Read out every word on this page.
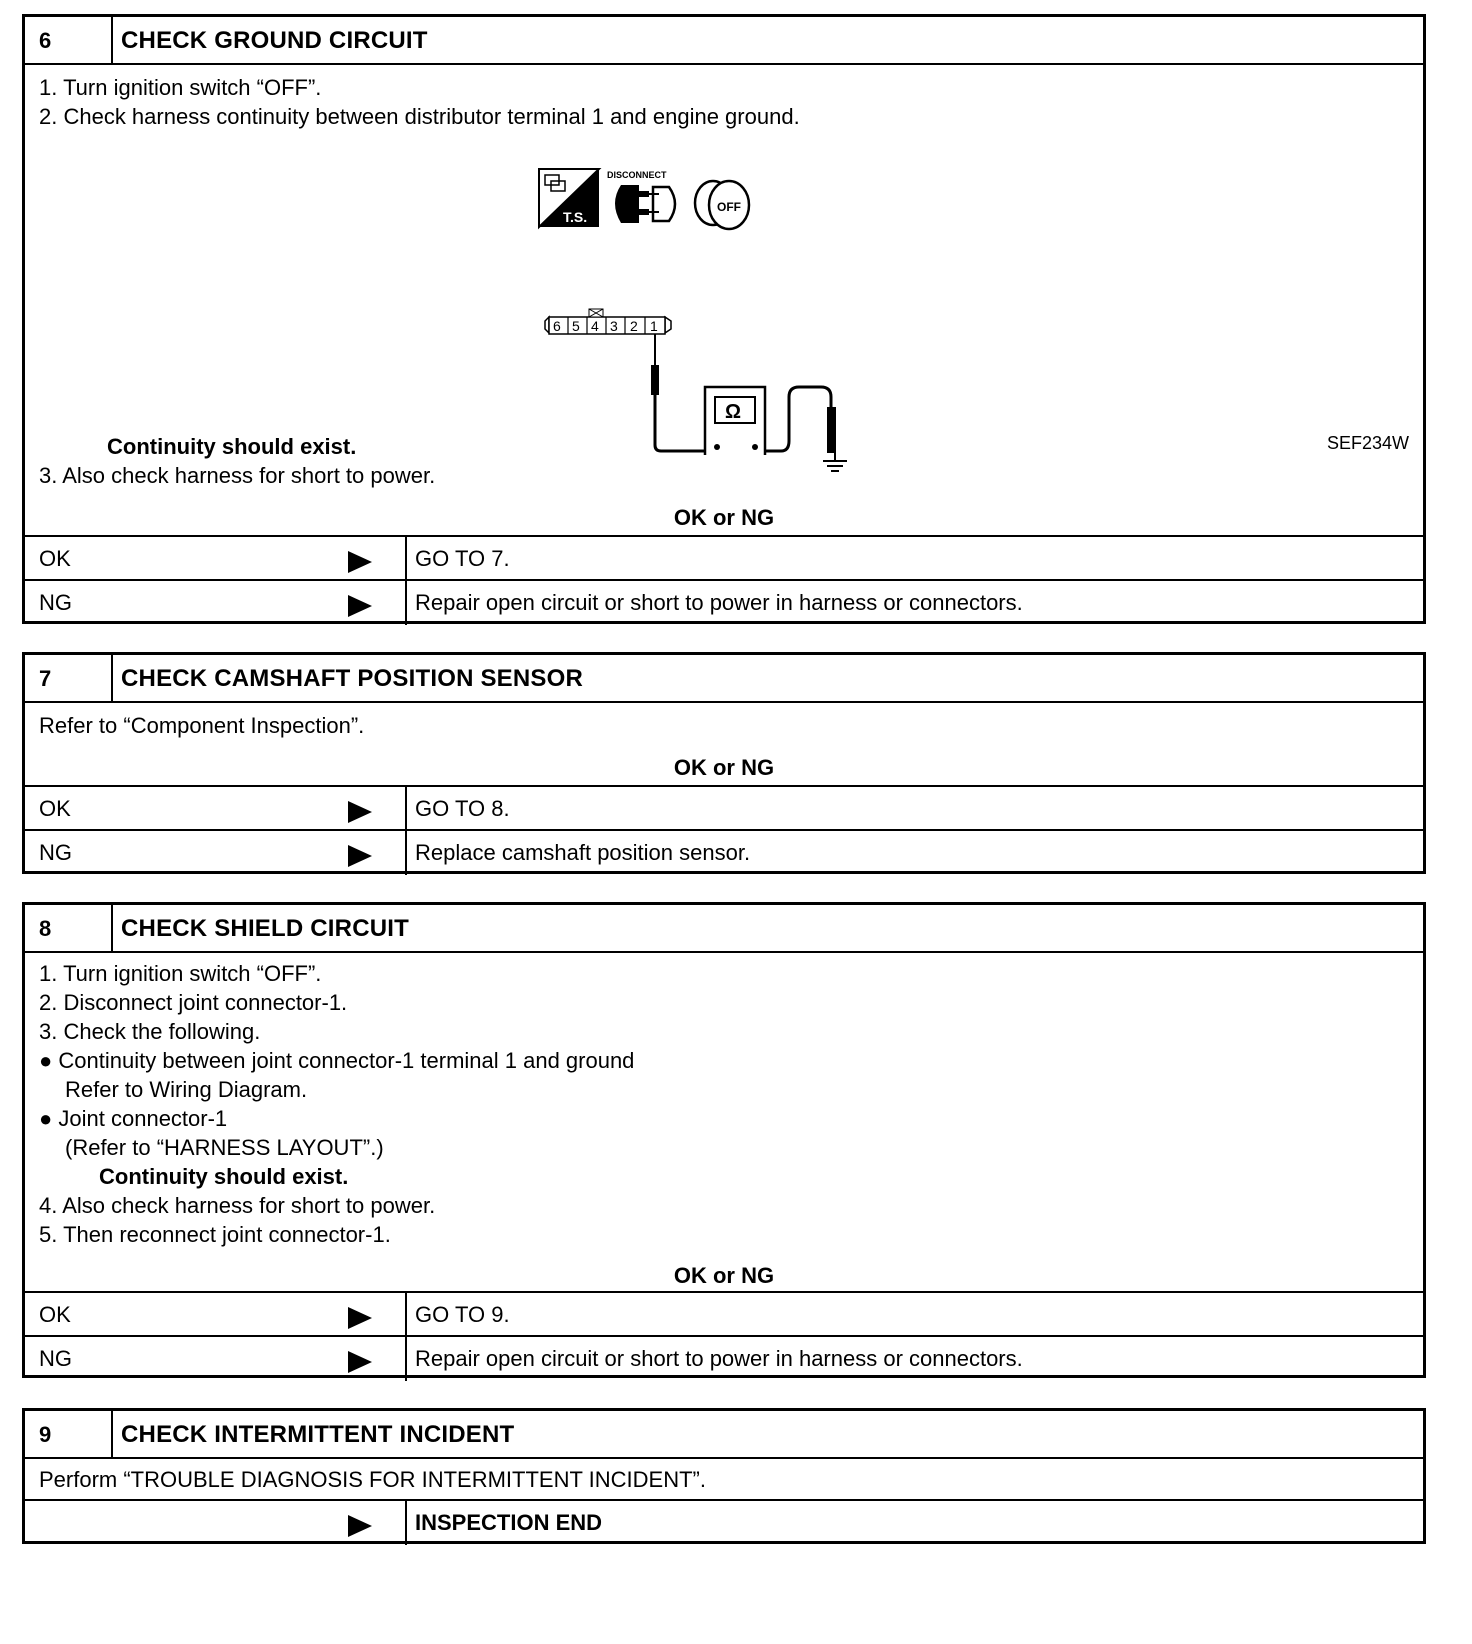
6	CHECK GROUND CIRCUIT
1. Turn ignition switch “OFF”.
2. Check harness continuity between distributor terminal 1 and engine ground.
T.S.
DISCONNECT
OFF
6 5 4 3 2 1
Ω
SEF234W
Continuity should exist.
3. Also check harness for short to power.
OK or NG
OK	GO TO 7.
NG	Repair open circuit or short to power in harness or connectors.
7	CHECK CAMSHAFT POSITION SENSOR
Refer to “Component Inspection”.
OK or NG
OK	GO TO 8.
NG	Replace camshaft position sensor.
8	CHECK SHIELD CIRCUIT
1. Turn ignition switch “OFF”.
2. Disconnect joint connector-1.
3. Check the following.
● Continuity between joint connector-1 terminal 1 and ground
Refer to Wiring Diagram.
● Joint connector-1
(Refer to “HARNESS LAYOUT”.)
Continuity should exist.
4. Also check harness for short to power.
5. Then reconnect joint connector-1.
OK or NG
OK	GO TO 9.
NG	Repair open circuit or short to power in harness or connectors.
9	CHECK INTERMITTENT INCIDENT
Perform “TROUBLE DIAGNOSIS FOR INTERMITTENT INCIDENT”.
INSPECTION END
